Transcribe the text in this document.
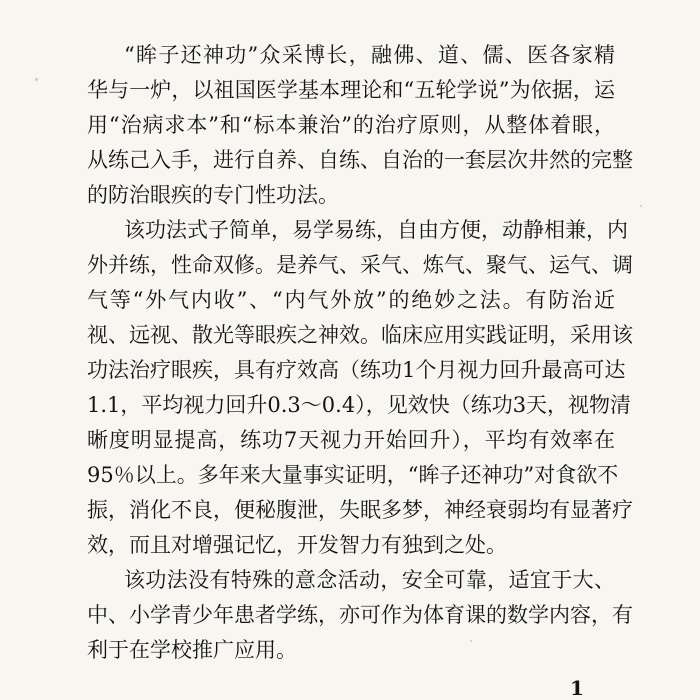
“眸子还神功”众采博长，融佛、道、儒、医各家精
华与一炉，以祖国医学基本理论和“五轮学说”为依据，运
用“治病求本”和“标本兼治”的治疗原则，从整体着眼，
从练己入手，进行自养、自练、自治的一套层次井然的完整
的防治眼疾的专门性功法。
该功法式子简单，易学易练，自由方便，动静相兼，内
外并练，性命双修。是养气、采气、炼气、聚气、运气、调
气等“外气内收”、“内气外放”的绝妙之法。有防治近
视、远视、散光等眼疾之神效。临床应用实践证明，采用该
功法治疗眼疾，具有疗效高（练功1个月视力回升最高可达
1.1，平均视力回升0.3～0.4），见效快（练功3天，视物清
晰度明显提高，练功7天视力开始回升），平均有效率在
95％以上。多年来大量事实证明，“眸子还神功”对食欲不
振，消化不良，便秘腹泄，失眠多梦，神经衰弱均有显著疗
效，而且对增强记忆，开发智力有独到之处。
该功法没有特殊的意念活动，安全可靠，适宜于大、
中、小学青少年患者学练，亦可作为体育课的数学内容，有
利于在学校推广应用。
1
